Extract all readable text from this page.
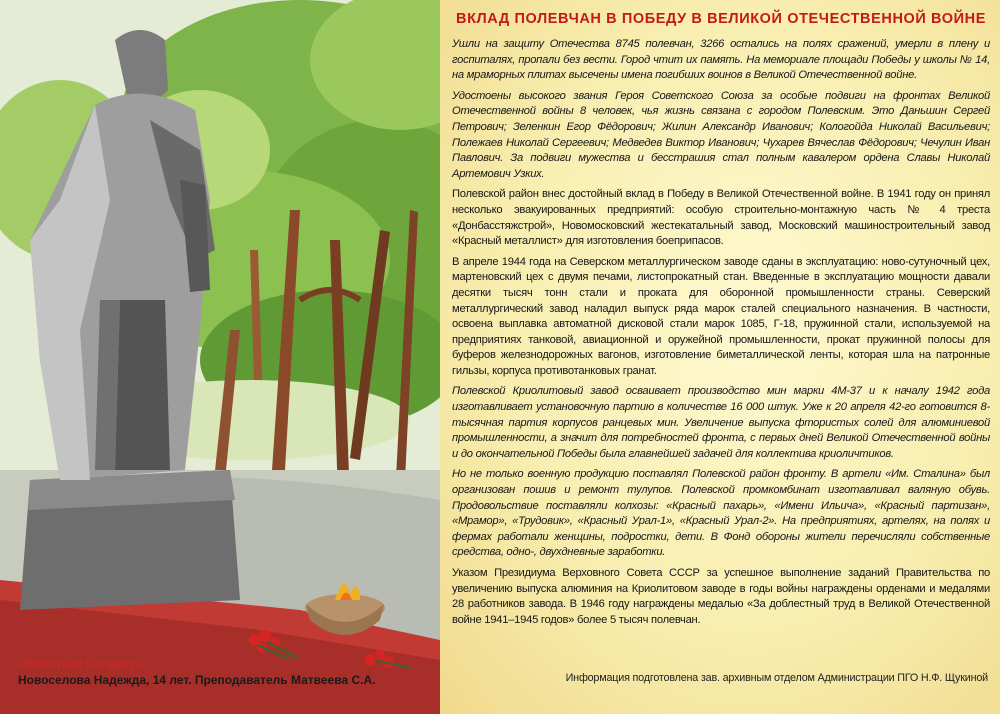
«Памятник Солдату»
Новоселова Надежда, 14 лет. Преподаватель Матвеева С.А.
ВКЛАД ПОЛЕВЧАН В ПОБЕДУ В ВЕЛИКОЙ ОТЕЧЕСТВЕННОЙ ВОЙНЕ

Ушли на защиту Отечества 8745 полевчан, 3266 остались на полях сражений, умерли в плену и госпиталях, пропали без вести. Город чтит их память. На мемориале площади Победы у школы № 14, на мраморных плитах высечены имена погибших воинов в Великой Отечественной войне.

Удостоены высокого звания Героя Советского Союза за особые подвиги на фронтах Великой Отечественной войны 8 человек, чья жизнь связана с городом Полевским. Это Даньшин Сергей Петрович; Зеленкин Егор Фёдорович; Жилин Александр Иванович; Кологойда Николай Васильевич; Полежаев Николай Сергеевич; Медведев Виктор Иванович; Чухарев Вячеслав Фёдорович; Чечулин Иван Павлович. За подвиги мужества и бесстрашия стал полным кавалером ордена Славы Николай Артемович Узких.

Полевской район внес достойный вклад в Победу в Великой Отечественной войне. В 1941 году он принял несколько эвакуированных предприятий: особую строительно-монтажную часть № 4 треста «Донбасстяжстрой», Новомосковский жестекатальный завод, Московский машиностроительный завод «Красный металлист» для изготовления боеприпасов.

В апреле 1944 года на Северском металлургическом заводе сданы в эксплуатацию: ново-сутуночный цех, мартеновский цех с двумя печами, листопрокатный стан. Введенные в эксплуатацию мощности давали десятки тысяч тонн стали и проката для оборонной промышленности страны. Северский металлургический завод наладил выпуск ряда марок сталей специального назначения. В частности, освоена выплавка автоматной дисковой стали марок 1085, Г-18, пружинной стали, используемой на предприятиях танковой, авиационной и оружейной промышленности, прокат пружинной полосы для буферов железнодорожных вагонов, изготовление биметаллической ленты, которая шла на патронные гильзы, корпуса противотанковых гранат.

Полевской Криолитовый завод осваивает производство мин марки 4М-37 и к началу 1942 года изготавливает установочную партию в количестве 16 000 штук. Уже к 20 апреля 42-го готовится 8-тысячная партия корпусов ранцевых мин. Увеличение выпуска фтористых солей для алюминиевой промышленности, а значит для потребностей фронта, с первых дней Великой Отечественной войны и до окончательной Победы была главнейшей задачей для коллектива криоличтиков.

Но не только военную продукцию поставлял Полевской район фронту. В артели «Им. Сталина» был организован пошив и ремонт тулупов. Полевской промкомбинат изготавливал валяную обувь. Продовольствие поставляли колхозы: «Красный пахарь», «Имени Ильича», «Красный партизан», «Мрамор», «Трудовик», «Красный Урал-1», «Красный Урал-2». На предприятиях, артелях, на полях и фермах работали женщины, подростки, дети. В Фонд обороны жители перечисляли собственные средства, одно-, двухдневные заработки.

Указом Президиума Верховного Совета СССР за успешное выполнение заданий Правительства по увеличению выпуска алюминия на Криолитовом заводе в годы войны награждены орденами и медалями 28 работников завода. В 1946 году награждены медалью «За доблестный труд в Великой Отечественной войне 1941–1945 годов» более 5 тысяч полевчан.

Информация подготовлена зав. архивным отделом Администрации ПГО Н.Ф. Щукиной
